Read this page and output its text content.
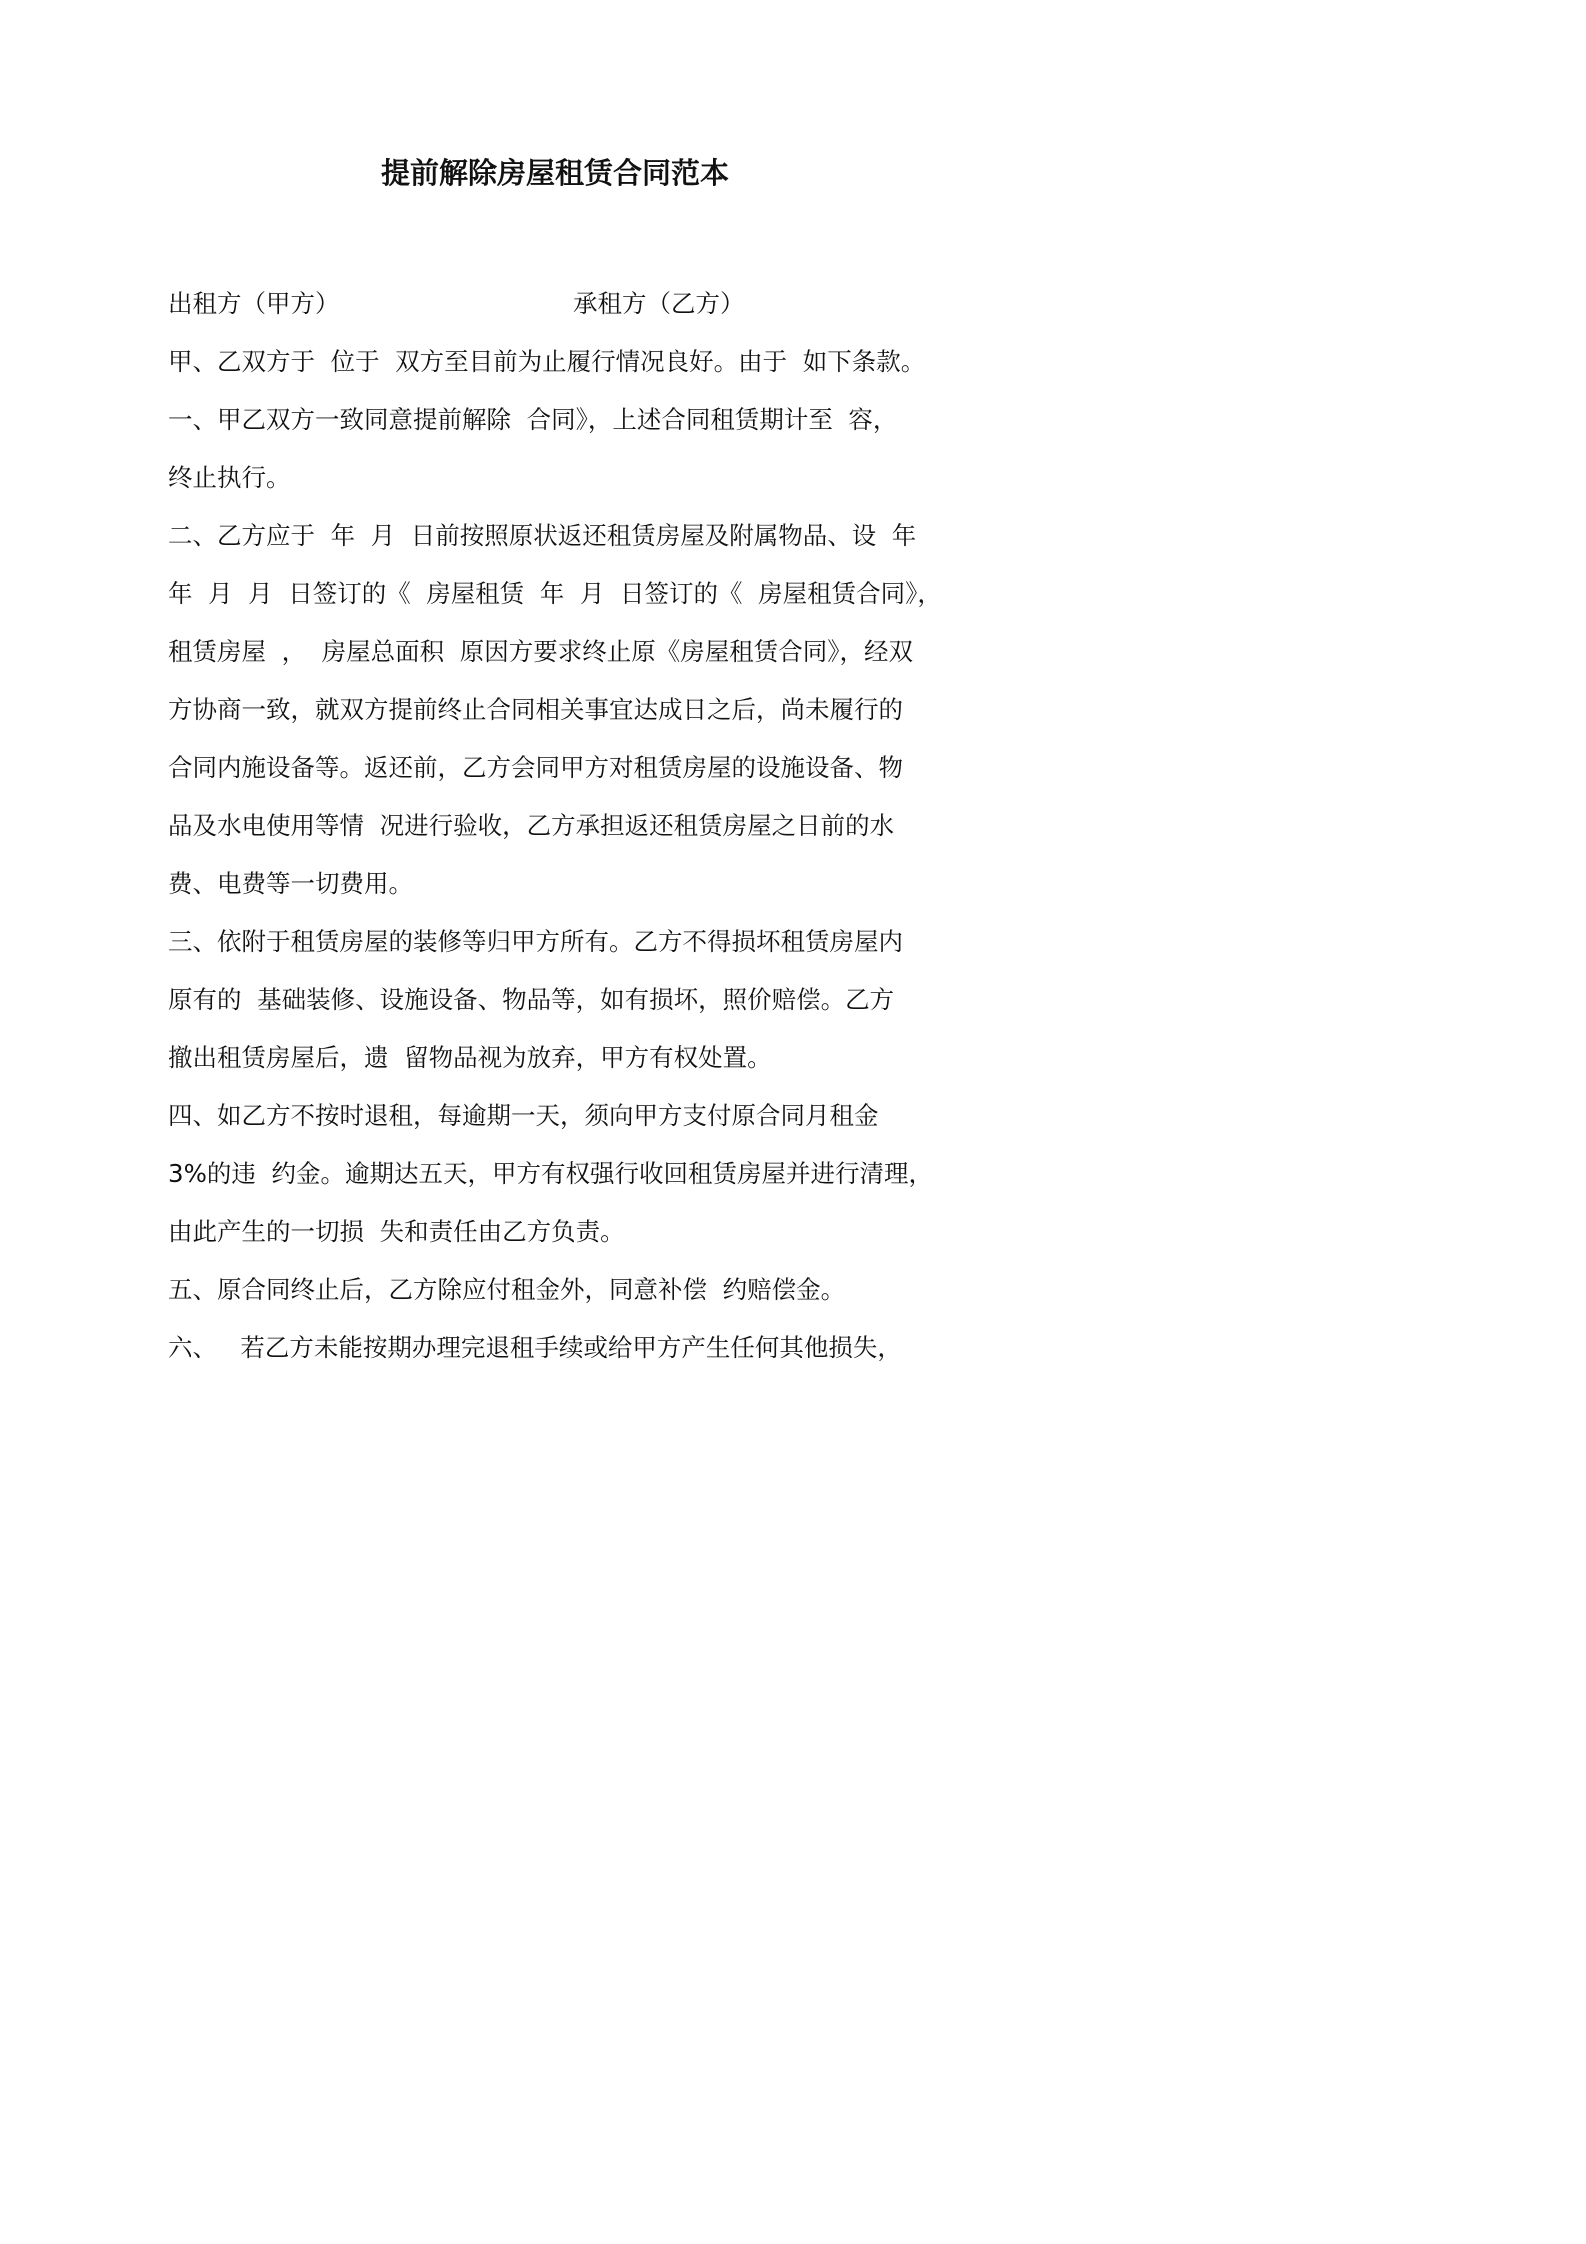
提前解除房屋租赁合同范本
出租方（甲方）	承租方（乙方）
甲、乙双方于  位于  双方至目前为止履行情况良好。由于  如下条款。
一、甲乙双方一致同意提前解除  合同》，上述合同租赁期计至  容，
终止执行。
二、乙方应于  年  月  日前按照原状返还租赁房屋及附属物品、设  年
年  月  月  日签订的《  房屋租赁  年  月  日签订的《  房屋租赁合同》，
租赁房屋  ，  房屋总面积  原因方要求终止原《房屋租赁合同》，经双
方协商一致，就双方提前终止合同相关事宜达成日之后，尚未履行的
合同内施设备等。返还前，乙方会同甲方对租赁房屋的设施设备、物
品及水电使用等情  况进行验收，乙方承担返还租赁房屋之日前的水
费、电费等一切费用。
三、依附于租赁房屋的装修等归甲方所有。乙方不得损坏租赁房屋内
原有的  基础装修、设施设备、物品等，如有损坏，照价赔偿。乙方
撤出租赁房屋后，遗  留物品视为放弃，甲方有权处置。
四、如乙方不按时退租，每逾期一天，须向甲方支付原合同月租金
3%的违  约金。逾期达五天，甲方有权强行收回租赁房屋并进行清理，
由此产生的一切损  失和责任由乙方负责。
五、原合同终止后，乙方除应付租金外，同意补偿  约赔偿金。
六、   若乙方未能按期办理完退租手续或给甲方产生任何其他损失，
